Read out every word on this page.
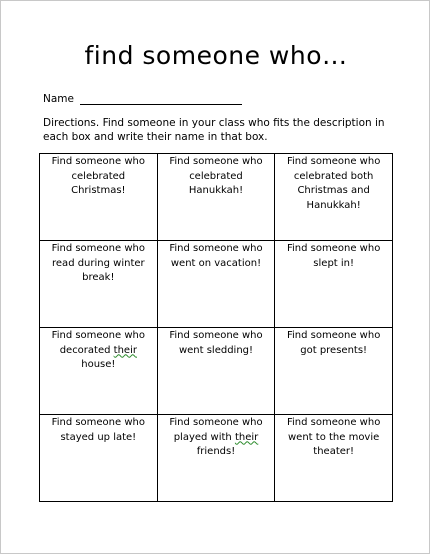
find someone who…
Name
Directions. Find someone in your class who fits the description in each box and write their name in that box.
Find someone who celebrated Christmas!	Find someone who celebrated Hanukkah!	Find someone who celebrated both Christmas and Hanukkah!
Find someone who read during winter break!	Find someone who went on vacation!	Find someone who slept in!
Find someone who decorated their house!	Find someone who went sledding!	Find someone who got presents!
Find someone who stayed up late!	Find someone who played with their friends!	Find someone who went to the movie theater!
